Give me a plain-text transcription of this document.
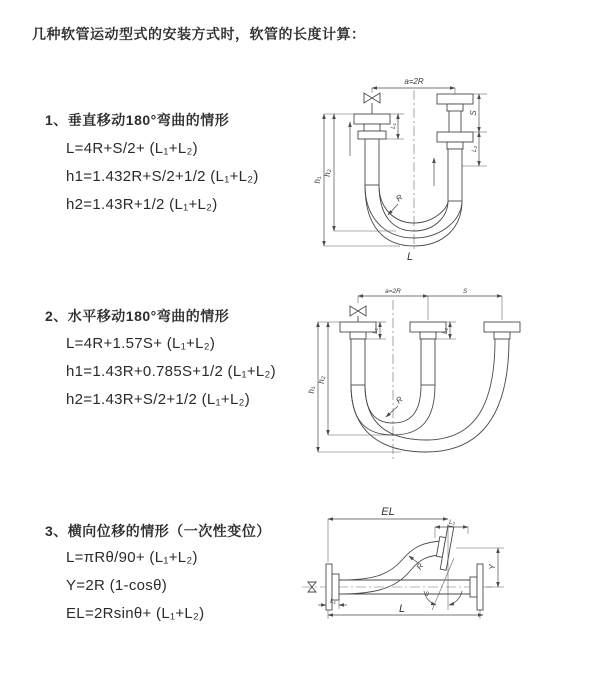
几种软管运动型式的安装方式时，软管的长度计算：
1、垂直移动180°弯曲的情形
L=4R+S/2+ (L₁+L₂)
h1=1.432R+S/2+1/2 (L₁+L₂)
h2=1.43R+1/2 (L₁+L₂)
2、水平移动180°弯曲的情形
L=4R+1.57S+ (L₁+L₂)
h1=1.43R+0.785S+1/2 (L₁+L₂)
h2=1.43R+S/2+1/2 (L₁+L₂)
3、横向位移的情形（一次性变位）
L=πRθ/90+ (L₁+L₂)
Y=2R (1-cosθ)
EL=2Rsinθ+ (L₁+L₂)
a=2R
h₁
h₂
L₁
S
L₂
R
L
a=2R	S
L₁	L₂
h₁
h₂
R
EL
L₂
Y
θ
R
L₁
L
